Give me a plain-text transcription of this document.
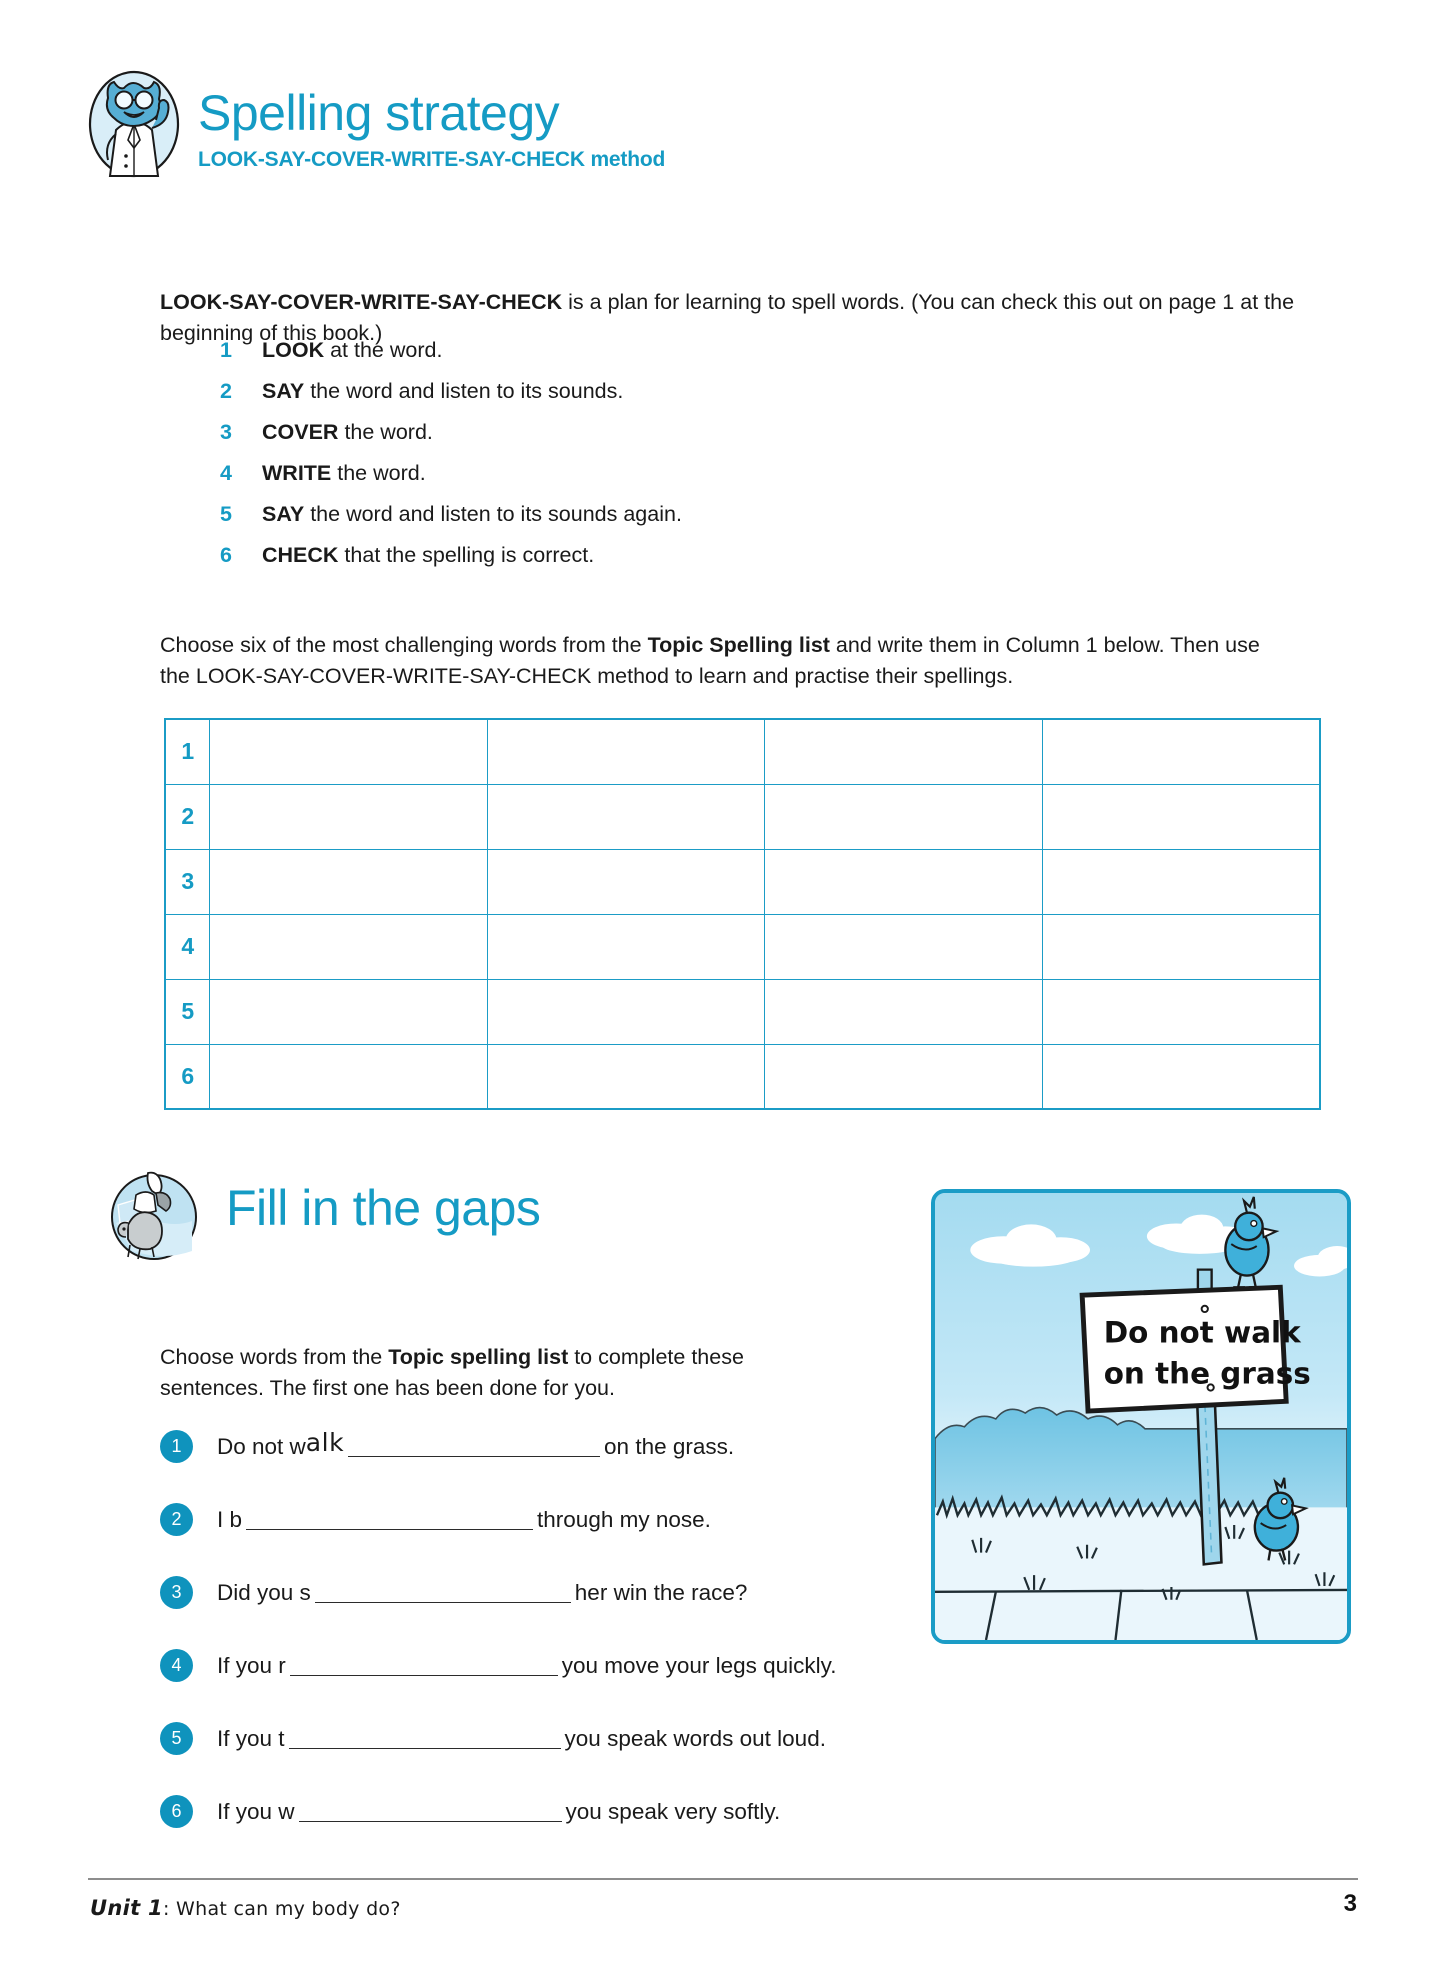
Spelling strategy
LOOK-SAY-COVER-WRITE-SAY-CHECK method

LOOK-SAY-COVER-WRITE-SAY-CHECK is a plan for learning to spell words. (You can check this out on page 1 at the beginning of this book.)

1	LOOK at the word.
2	SAY the word and listen to its sounds.
3	COVER the word.
4	WRITE the word.
5	SAY the word and listen to its sounds again.
6	CHECK that the spelling is correct.

Choose six of the most challenging words from the Topic Spelling list and write them in Column 1 below. Then use the LOOK-SAY-COVER-WRITE-SAY-CHECK method to learn and practise their spellings.

1				
2				
3				
4				
5				
6				
Fill in the gaps

Choose words from the Topic spelling list to complete these sentences. The first one has been done for you.

1	Do not w alk	on the grass.
2	I b	through my nose.
3	Did you s	her win the race?
4	If you r	you move your legs quickly.
5	If you t	you speak words out loud.
6	If you w	you speak very softly.
Do not walk
on the grass
Unit 1: What can my body do?	3
